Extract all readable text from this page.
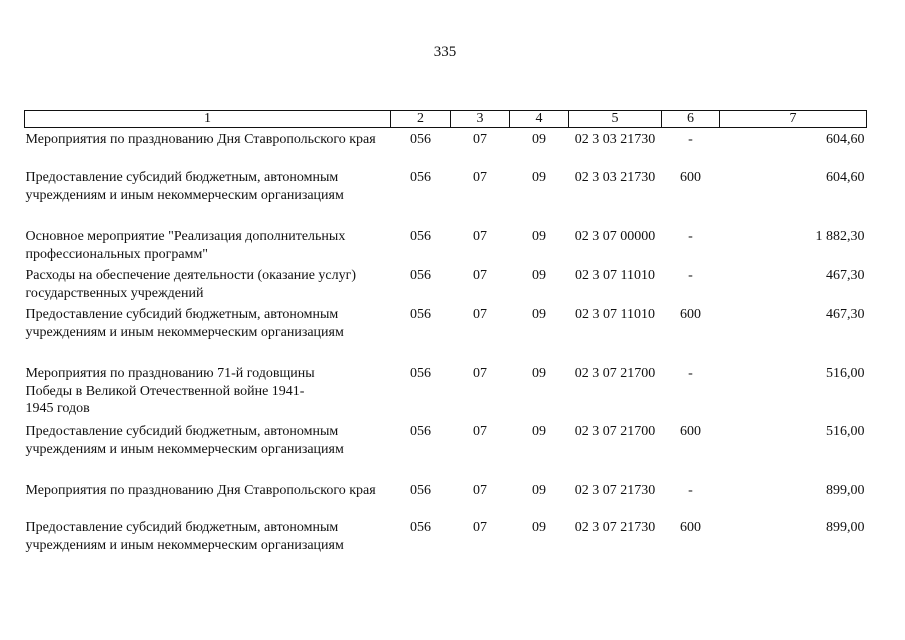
335
1	2	3	4	5	6	7
Мероприятия по празднованию Дня Ставропольского края	056	07	09	02 3 03 21730	-	604,60
Предоставление субсидий бюджетным, автономным учреждениям и иным некоммерческим организациям	056	07	09	02 3 03 21730	600	604,60
Основное мероприятие "Реализация дополнительных профессиональных программ"	056	07	09	02 3 07 00000	-	1 882,30
Расходы на обеспечение деятельности (оказание услуг) государственных учреждений	056	07	09	02 3 07 11010	-	467,30
Предоставление субсидий бюджетным, автономным учреждениям и иным некоммерческим организациям	056	07	09	02 3 07 11010	600	467,30

Мероприятия по празднованию 71-й годовщины
Победы в Великой Отечественной войне 1941-
1945 годов	056	07	09	02 3 07 21700	-	516,00
Предоставление субсидий бюджетным, автономным учреждениям и иным некоммерческим организациям	056	07	09	02 3 07 21700	600	516,00
Мероприятия по празднованию Дня Ставропольского края	056	07	09	02 3 07 21730	-	899,00
Предоставление субсидий бюджетным, автономным учреждениям и иным некоммерческим организациям	056	07	09	02 3 07 21730	600	899,00
